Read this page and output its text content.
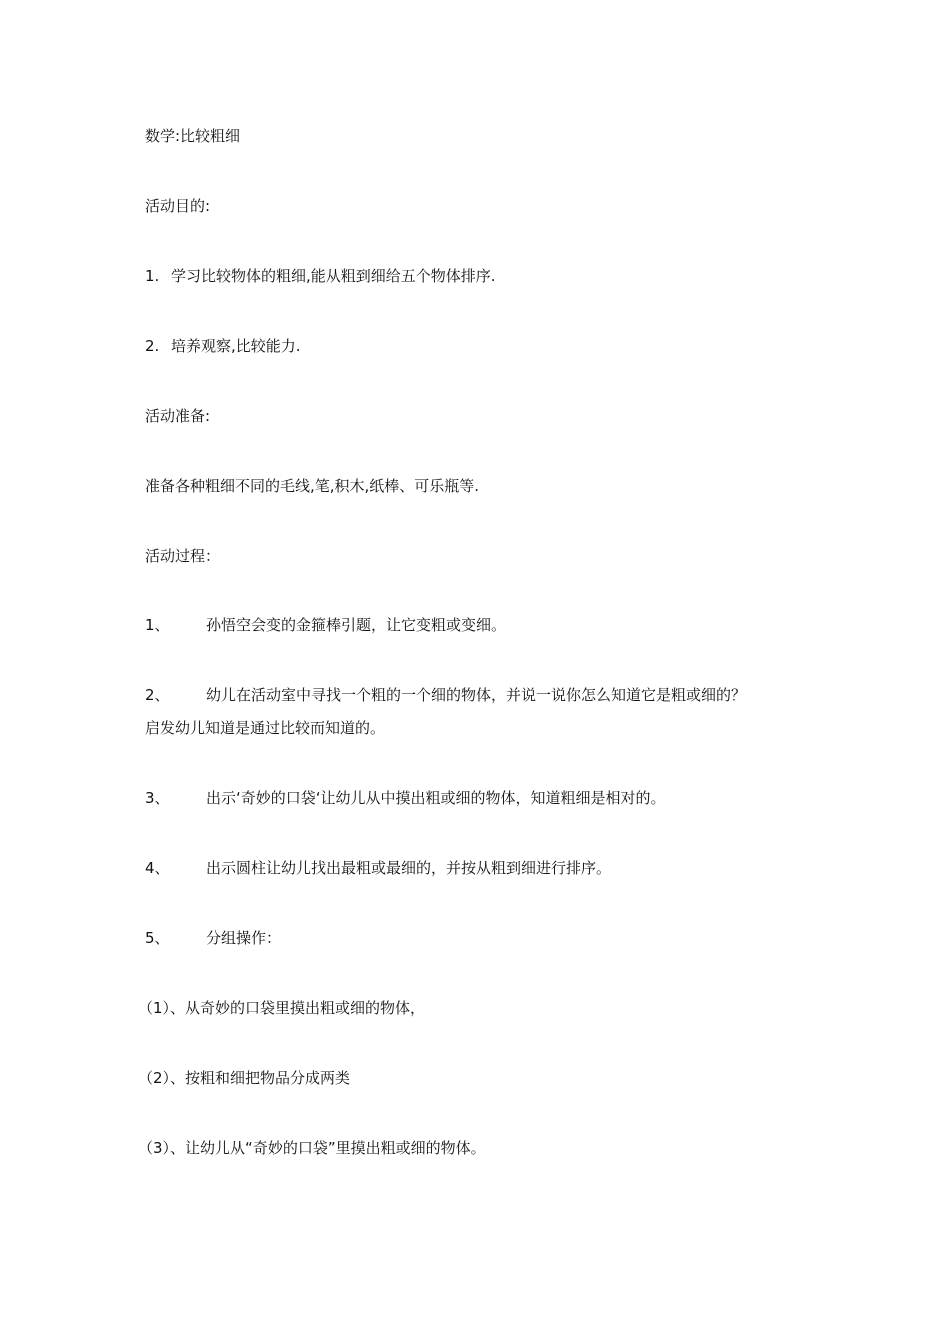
数学:比较粗细
活动目的:
1. 学习比较物体的粗细,能从粗到细给五个物体排序.
2. 培养观察,比较能力.
活动准备:
准备各种粗细不同的毛线,笔,积木,纸棒、可乐瓶等.
活动过程：
1、 孙悟空会变的金箍棒引题，让它变粗或变细。
2、 幼儿在活动室中寻找一个粗的一个细的物体，并说一说你怎么知道它是粗或细的？
启发幼儿知道是通过比较而知道的。
3、 出示‘奇妙的口袋‘让幼儿从中摸出粗或细的物体，知道粗细是相对的。
4、 出示圆柱让幼儿找出最粗或最细的，并按从粗到细进行排序。
5、 分组操作：
（1）、从奇妙的口袋里摸出粗或细的物体，
（2）、按粗和细把物品分成两类
（3）、让幼儿从“奇妙的口袋”里摸出粗或细的物体。
